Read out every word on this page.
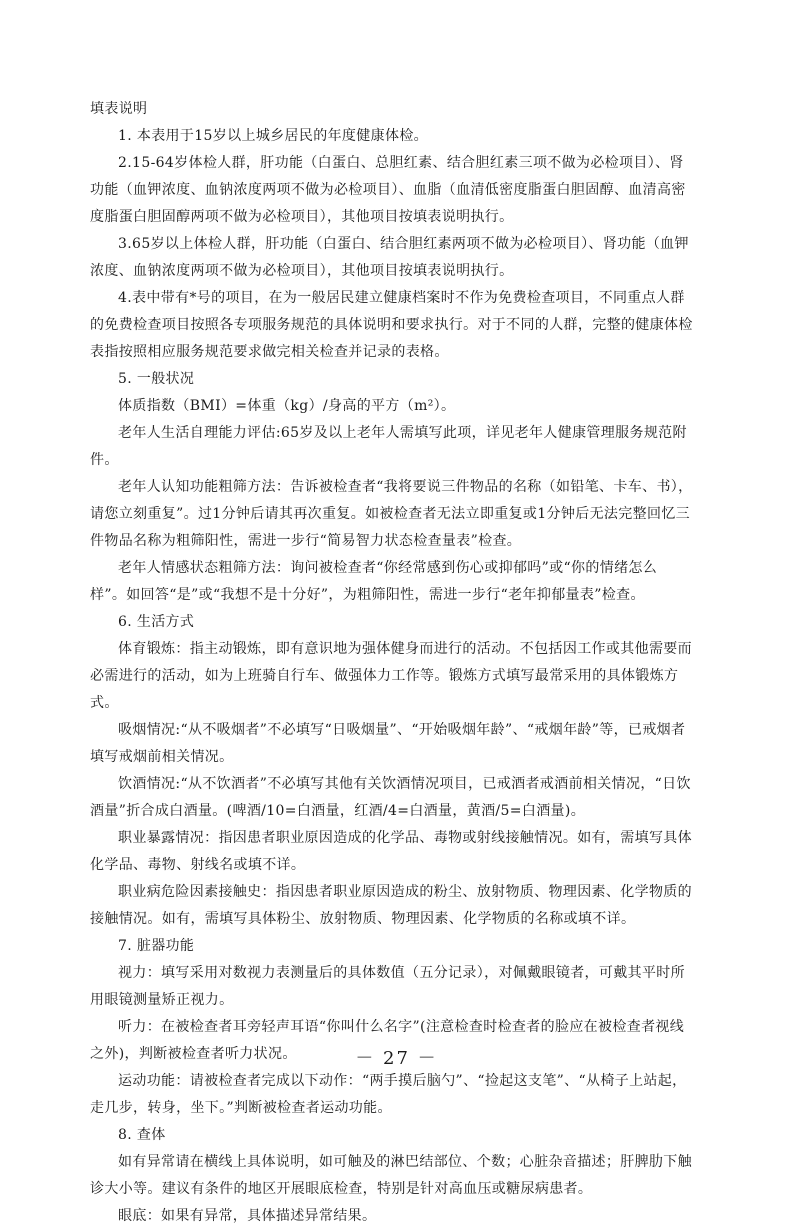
填表说明

1. 本表用于15岁以上城乡居民的年度健康体检。

2.15-64岁体检人群，肝功能（白蛋白、总胆红素、结合胆红素三项不做为必检项目）、肾功能（血钾浓度、血钠浓度两项不做为必检项目）、血脂（血清低密度脂蛋白胆固醇、血清高密度脂蛋白胆固醇两项不做为必检项目），其他项目按填表说明执行。

3.65岁以上体检人群，肝功能（白蛋白、结合胆红素两项不做为必检项目）、肾功能（血钾浓度、血钠浓度两项不做为必检项目），其他项目按填表说明执行。

4.表中带有*号的项目，在为一般居民建立健康档案时不作为免费检查项目，不同重点人群的免费检查项目按照各专项服务规范的具体说明和要求执行。对于不同的人群，完整的健康体检表指按照相应服务规范要求做完相关检查并记录的表格。

5. 一般状况

体质指数（BMI）=体重（kg）/身高的平方（m²）。

老年人生活自理能力评估:65岁及以上老年人需填写此项，详见老年人健康管理服务规范附件。

老年人认知功能粗筛方法：告诉被检查者“我将要说三件物品的名称（如铅笔、卡车、书），请您立刻重复”。过1分钟后请其再次重复。如被检查者无法立即重复或1分钟后无法完整回忆三件物品名称为粗筛阳性，需进一步行“简易智力状态检查量表”检查。

老年人情感状态粗筛方法：询问被检查者“你经常感到伤心或抑郁吗”或“你的情绪怎么样”。如回答“是”或“我想不是十分好”，为粗筛阳性，需进一步行“老年抑郁量表”检查。

6. 生活方式

体育锻炼：指主动锻炼，即有意识地为强体健身而进行的活动。不包括因工作或其他需要而必需进行的活动，如为上班骑自行车、做强体力工作等。锻炼方式填写最常采用的具体锻炼方式。

吸烟情况:“从不吸烟者”不必填写“日吸烟量”、“开始吸烟年龄”、“戒烟年龄”等，已戒烟者填写戒烟前相关情况。

饮酒情况:“从不饮酒者”不必填写其他有关饮酒情况项目，已戒酒者戒酒前相关情况，“日饮酒量”折合成白酒量。(啤酒/10=白酒量，红酒/4=白酒量，黄酒/5=白酒量)。

职业暴露情况：指因患者职业原因造成的化学品、毒物或射线接触情况。如有，需填写具体化学品、毒物、射线名或填不详。

职业病危险因素接触史：指因患者职业原因造成的粉尘、放射物质、物理因素、化学物质的接触情况。如有，需填写具体粉尘、放射物质、物理因素、化学物质的名称或填不详。

7. 脏器功能

视力：填写采用对数视力表测量后的具体数值（五分记录），对佩戴眼镜者，可戴其平时所用眼镜测量矫正视力。

听力：在被检查者耳旁轻声耳语“你叫什么名字”(注意检查时检查者的脸应在被检查者视线之外)，判断被检查者听力状况。

运动功能：请被检查者完成以下动作：“两手摸后脑勺”、“捡起这支笔”、“从椅子上站起，走几步，转身，坐下。”判断被检查者运动功能。

8. 查体

如有异常请在横线上具体说明，如可触及的淋巴结部位、个数；心脏杂音描述；肝脾肋下触诊大小等。建议有条件的地区开展眼底检查，特别是针对高血压或糖尿病患者。

眼底：如果有异常，具体描述异常结果。

－ 27 －
